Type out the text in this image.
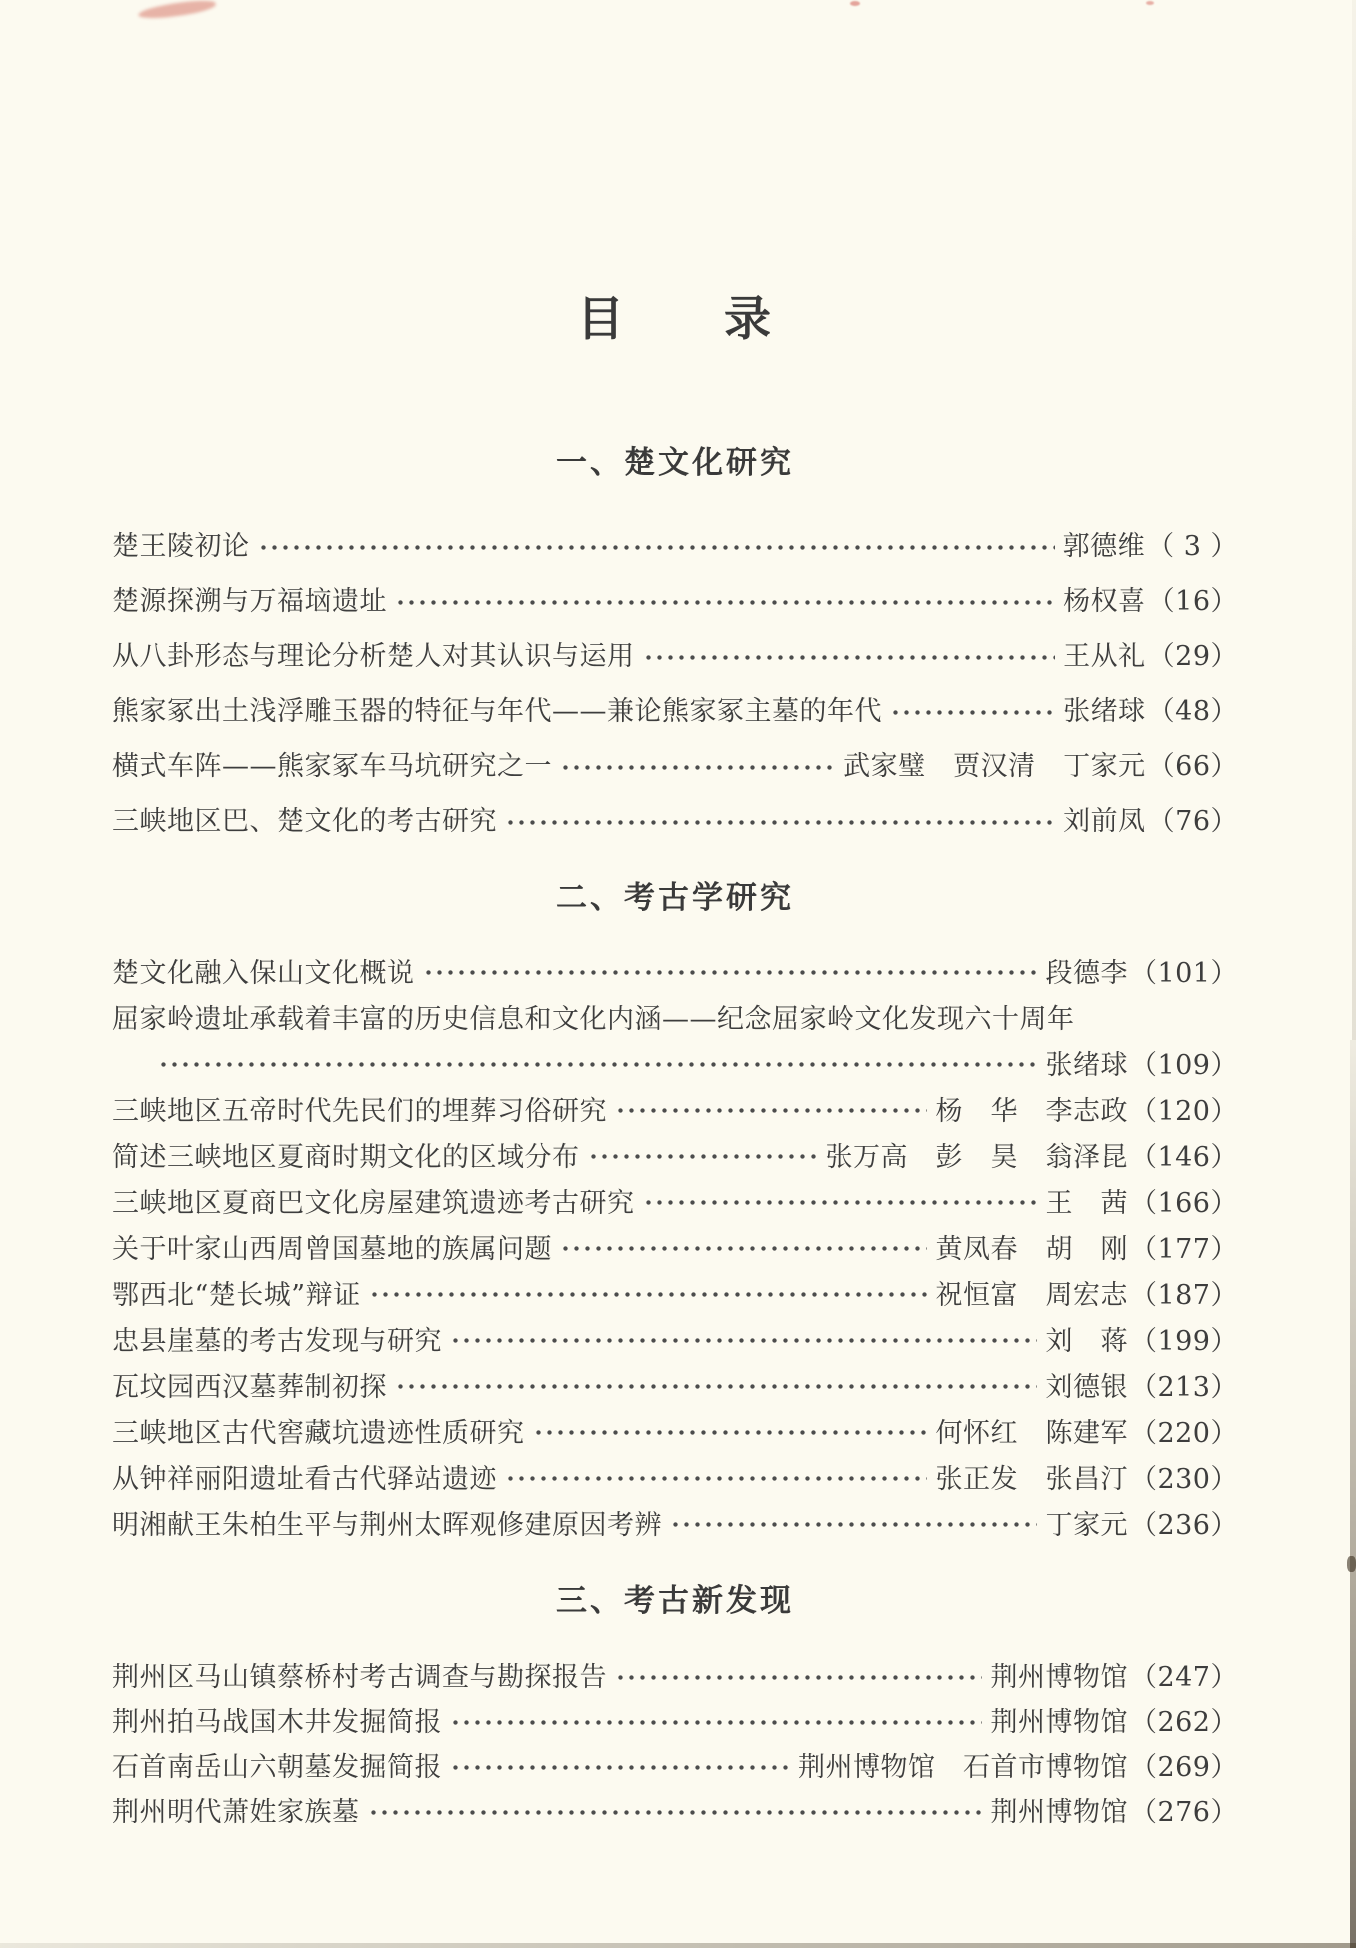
目　　录
一、楚文化研究
楚王陵初论	郭德维 （ 3 ）
楚源探溯与万福垴遗址	杨权喜 （16）
从八卦形态与理论分析楚人对其认识与运用	王从礼 （29）
熊家冢出土浅浮雕玉器的特征与年代——兼论熊家冢主墓的年代	张绪球 （48）
横式车阵——熊家冢车马坑研究之一	武家璧　贾汉清　丁家元 （66）
三峡地区巴、楚文化的考古研究	刘前凤 （76）
二、考古学研究
楚文化融入保山文化概说	段德李 （101）
屈家岭遗址承载着丰富的历史信息和文化内涵——纪念屈家岭文化发现六十周年
张绪球 （109）
三峡地区五帝时代先民们的埋葬习俗研究	杨　华　李志政 （120）
简述三峡地区夏商时期文化的区域分布	张万高　彭　昊　翁泽昆 （146）
三峡地区夏商巴文化房屋建筑遗迹考古研究	王　茜 （166）
关于叶家山西周曾国墓地的族属问题	黄凤春　胡　刚 （177）
鄂西北“楚长城”辩证	祝恒富　周宏志 （187）
忠县崖墓的考古发现与研究	刘　蒋 （199）
瓦坟园西汉墓葬制初探	刘德银 （213）
三峡地区古代窖藏坑遗迹性质研究	何怀红　陈建军 （220）
从钟祥丽阳遗址看古代驿站遗迹	张正发　张昌汀 （230）
明湘献王朱柏生平与荆州太晖观修建原因考辨	丁家元 （236）
三、考古新发现
荆州区马山镇蔡桥村考古调查与勘探报告	荆州博物馆 （247）
荆州拍马战国木井发掘简报	荆州博物馆 （262）
石首南岳山六朝墓发掘简报	荆州博物馆　石首市博物馆 （269）
荆州明代萧姓家族墓	荆州博物馆 （276）
